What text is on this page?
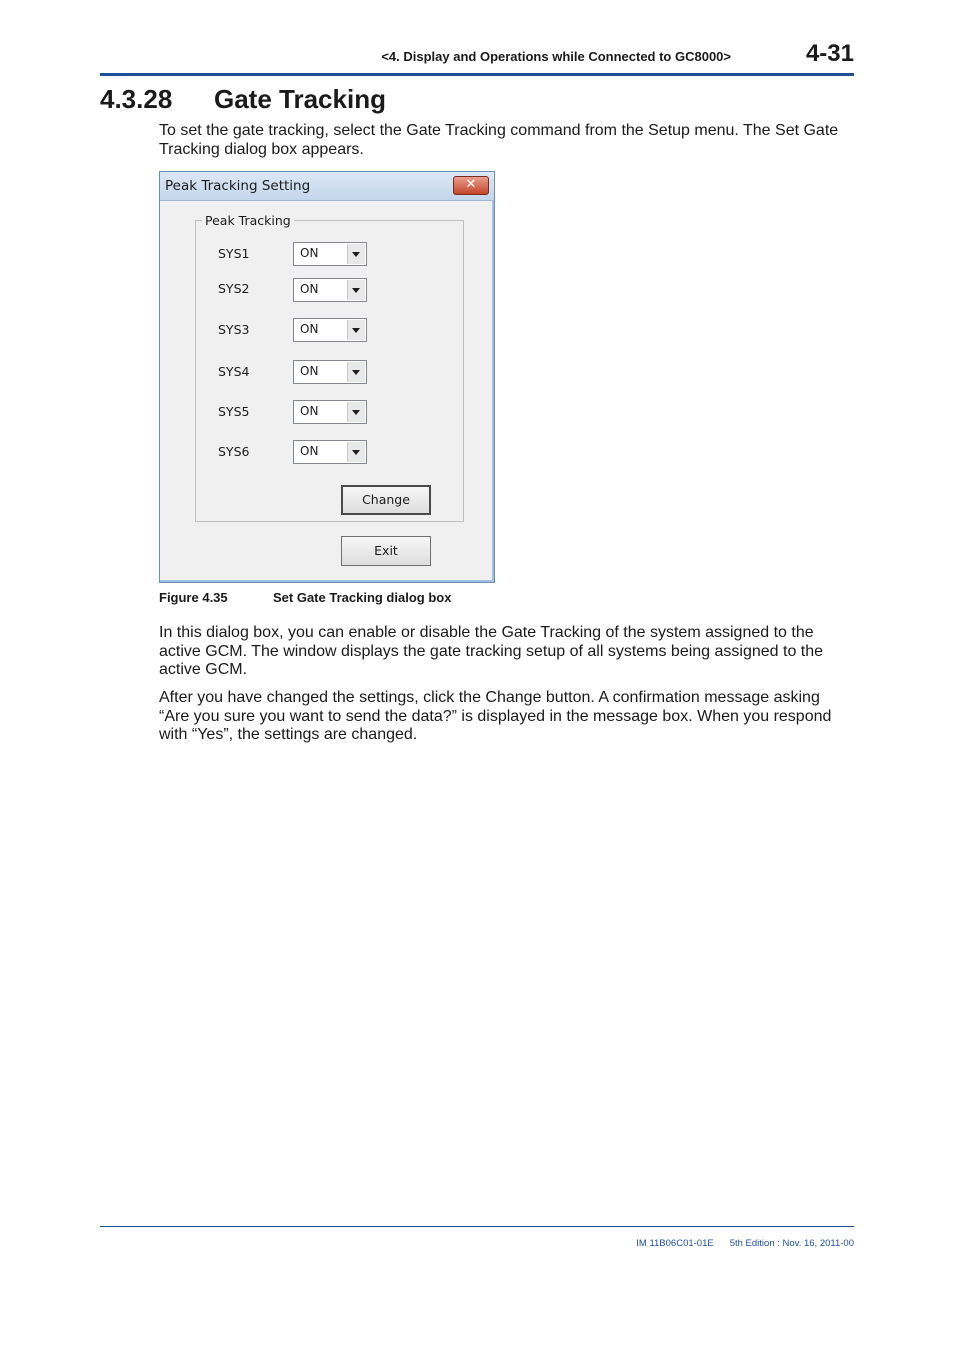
<4. Display and Operations while Connected to GC8000>	4-31
4.3.28 Gate Tracking

To set the gate tracking, select the Gate Tracking command from the Setup menu. The Set Gate Tracking dialog box appears.

Peak Tracking Setting	✕
Peak Tracking
SYS1	ON
SYS2	ON
SYS3	ON
SYS4	ON
SYS5	ON
SYS6	ON
Change
Exit
Figure 4.35	Set Gate Tracking dialog box

In this dialog box, you can enable or disable the Gate Tracking of the system assigned to the active GCM. The window displays the gate tracking setup of all systems being assigned to the active GCM.

After you have changed the settings, click the Change button. A confirmation message asking “Are you sure you want to send the data?” is displayed in the message box. When you respond with “Yes”, the settings are changed.

IM 11B06C01-01E 5th Edition : Nov. 16, 2011-00
